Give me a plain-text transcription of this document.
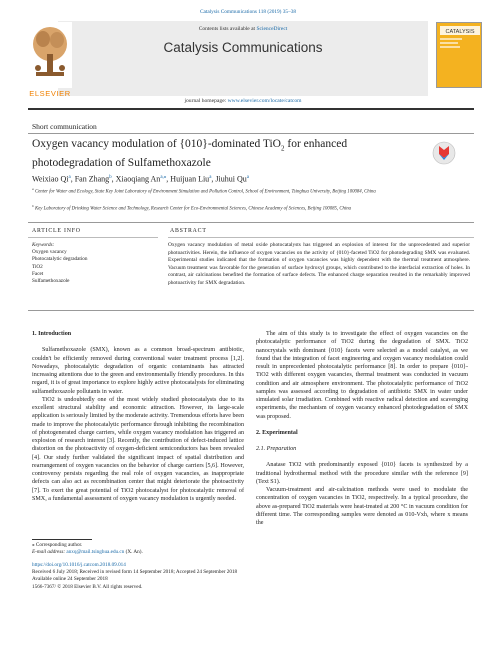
Catalysis Communications 118 (2019) 35–38
Contents lists available at ScienceDirect
Catalysis Communications
journal homepage: www.elsevier.com/locate/catcom
ELSEVIER
CATALYSIS
Short communication
Oxygen vacancy modulation of {010}-dominated TiO$_2$ for enhanced
photodegradation of Sulfamethoxazole
Weixiao Qi$^a$, Fan Zhang$^b$, Xiaoqiang $An^{a,⁎}$, Huijuan Liu$^a$, Jiuhui Qu$^a$
$^a$ Center for Water and Ecology, State Key Joint Laboratory of Environment Simulation and Pollution Control, School of Environment, Tsinghua University, Beijing 100084, China
$^b$ Key Laboratory of Drinking Water Science and Technology, Research Center for Eco-Environmental Sciences, Chinese Academy of Sciences, Beijing 100085, China
ARTICLE INFO	ABSTRACT
Keywords:
Oxygen vacancy
Photocatalytic degradation
TiO2
Facet
Sulfamethoxazole
Oxygen vacancy modulation of metal oxide photocatalysts has triggered an explosion of interest for the unprecedented and superior photoactivities. Herein, the influence of oxygen vacancies on the activity of {010}-faceted TiO2 for photodegrading SMX was evaluated. Experimental studies indicated that the formation of oxygen vacancies was highly dependent with the thermal treatment atmosphere. Vacuum treatment was favorable for the generation of surface hydroxyl groups, which contributed to the interfacial extraction of holes. In contrast, air calcinations benefited the formation of surface defects. The enhanced charge separation resulted in the remarkably improved photoactivity for SMX degradation.
1. Introduction

Sulfamethoxazole (SMX), known as a common broad-spectrum antibiotic, couldn't be efficiently removed during conventional water treatment process [1,2]. Nowadays, photocatalytic degradation of organic contaminants has attracted increasing attentions due to the green and environmentally friendly procedures. In this regard, it is of great importance to explore highly active photocatalysts for eliminating sulfamethoxazole pollutants in water.

TiO2 is undoubtedly one of the most widely studied photocatalysts due to its excellent structural stability and economic attraction. However, its large-scale application is seriously limited by the moderate activity. Tremendous efforts have been made to improve the photocatalytic performance through inhibiting the recombination of photogenerated charge carriers, while oxygen vacancy modulation has triggered an explosion of research interest [3]. Recently, the contribution of defect-induced lattice distortion on the photoactivity of oxygen-deficient semiconductors has been revealed [4]. Our study further validated the significant impact of spatial distribution and rearrangement of oxygen vacancies on the behavior of charge carriers [5,6]. However, controversy persists regarding the real role of oxygen vacancies, as inappropriate defects can also act as recombination center that might deteriorate the photoactivity [7]. To exert the great potential of TiO2 photocatalyst for photocatalytic removal of SMX, a fundamental assessment of oxygen vacancy modulation is urgently needed.

The aim of this study is to investigate the effect of oxygen vacancies on the photocatalytic performance of TiO2 during the degradation of SMX. TiO2 nanocrystals with dominant {010} facets were selected as a model catalyst, as we found that the integration of facet engineering and oxygen vacancy modulation could result in unprecedented photocatalytic performance [8]. In order to prepare {010}-TiO2 with different oxygen vacancies, thermal treatment was conducted in vacuum condition and air atmosphere environment. The photocatalytic performance of TiO2 samples was assessed according to degradation of antibiotic SMX in water under simulated solar irradiation. Combined with reactive radical detection and scavenging experiments, the mechanism of oxygen vacancy enhanced photodegradation of SMX was proposed.

2. Experimental
2.1. Preparation

Anatase TiO2 with predominantly exposed {010} facets is synthesized by a traditional hydrothermal method with the procedure similar with the reference [9] (Text S1).

Vacuum-treatment and air-calcination methods were used to modulate the concentration of oxygen vacancies in TiO2, respectively. In a typical procedure, the above as-prepared TiO2 materials were heat-treated at 200 °C in vacuum condition for different time. The corresponding samples were denoted as 010-Vxh, where x means the

⁎ Corresponding author.
E-mail address: anxq@mail.tsinghua.edu.cn (X. An).
https://doi.org/10.1016/j.catcom.2018.09.014
Received 6 July 2018; Received in revised form 14 September 2018; Accepted 24 September 2018
Available online 24 September 2018
1566-7367/ © 2018 Elsevier B.V. All rights reserved.
